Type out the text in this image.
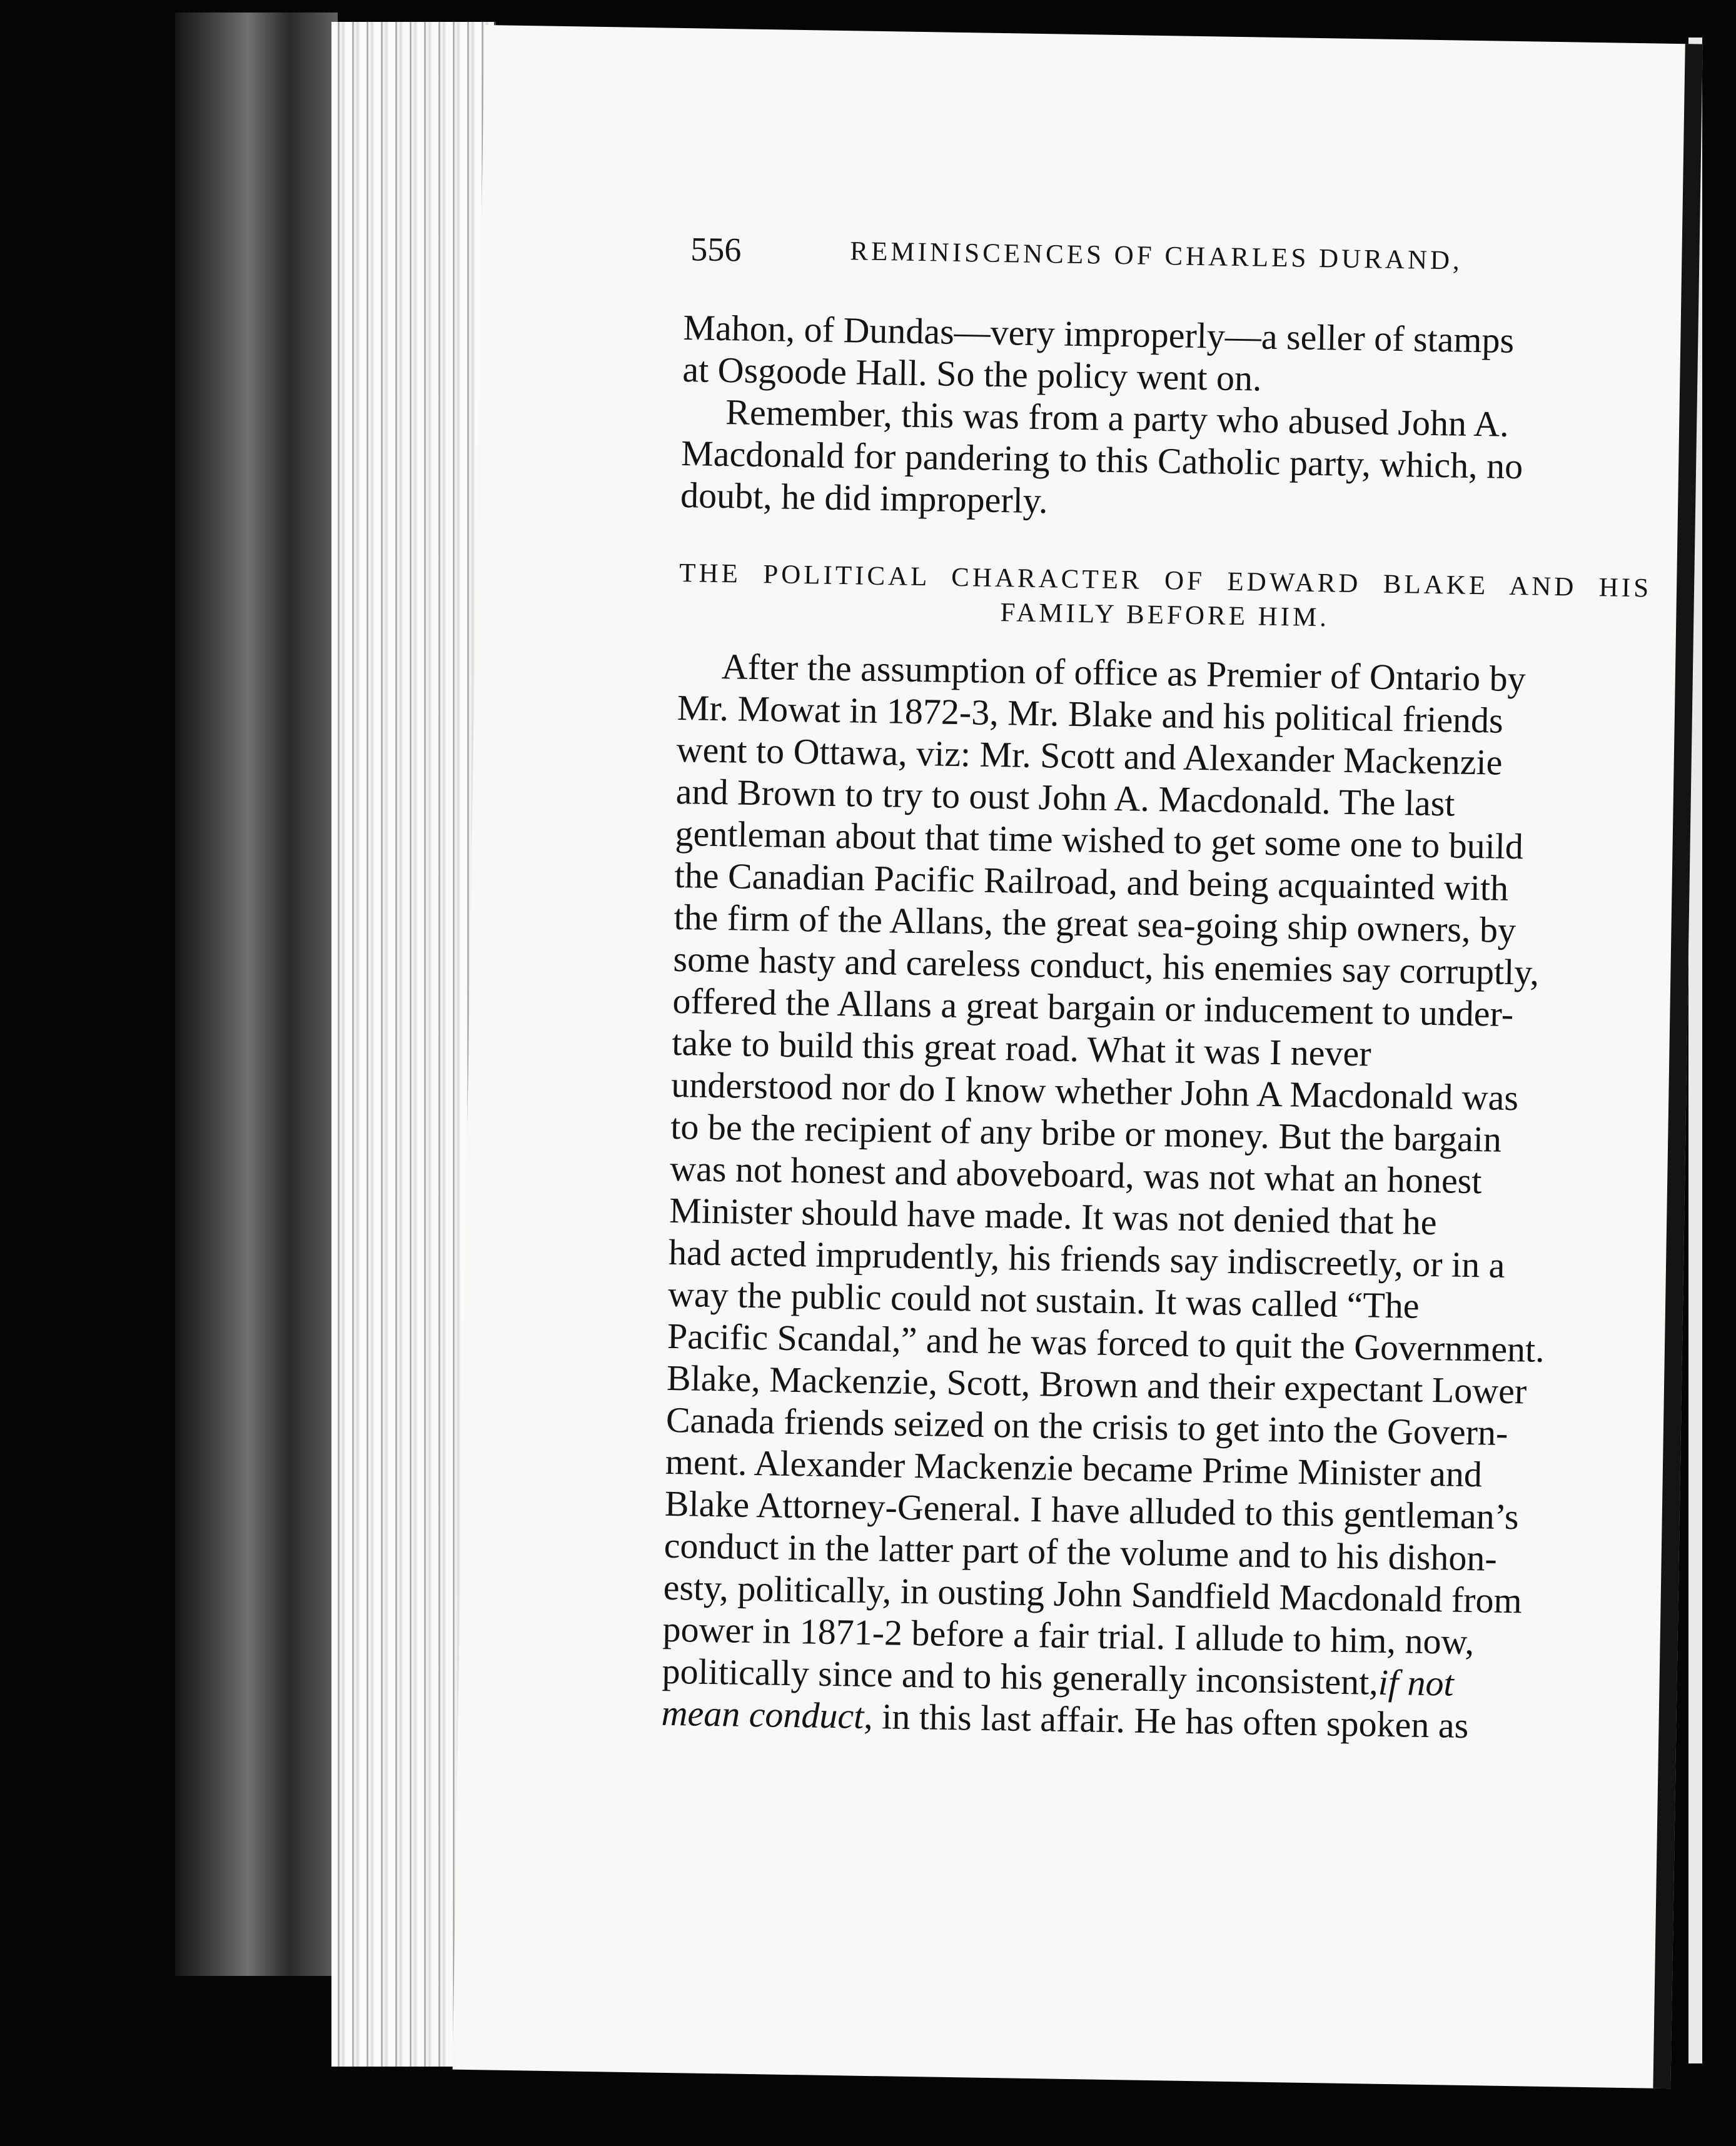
556	REMINISCENCES OF CHARLES DURAND,
Mahon, of Dundas—very improperly—a seller of stamps
at Osgoode Hall. So the policy went on.
Remember, this was from a party who abused John A.
Macdonald for pandering to this Catholic party, which, no
doubt, he did improperly.
THE POLITICAL CHARACTER OF EDWARD BLAKE AND HIS
FAMILY BEFORE HIM.
After the assumption of office as Premier of Ontario by
Mr. Mowat in 1872-3, Mr. Blake and his political friends
went to Ottawa, viz: Mr. Scott and Alexander Mackenzie
and Brown to try to oust John A. Macdonald. The last
gentleman about that time wished to get some one to build
the Canadian Pacific Railroad, and being acquainted with
the firm of the Allans, the great sea-going ship owners, by
some hasty and careless conduct, his enemies say corruptly,
offered the Allans a great bargain or inducement to under-
take to build this great road. What it was I never
understood nor do I know whether John A Macdonald was
to be the recipient of any bribe or money. But the bargain
was not honest and aboveboard, was not what an honest
Minister should have made. It was not denied that he
had acted imprudently, his friends say indiscreetly, or in a
way the public could not sustain. It was called “The
Pacific Scandal,” and he was forced to quit the Government.
Blake, Mackenzie, Scott, Brown and their expectant Lower
Canada friends seized on the crisis to get into the Govern-
ment. Alexander Mackenzie became Prime Minister and
Blake Attorney-General. I have alluded to this gentleman’s
conduct in the latter part of the volume and to his dishon-
esty, politically, in ousting John Sandfield Macdonald from
power in 1871-2 before a fair trial. I allude to him, now,
politically since and to his generally inconsistent,
if not
mean conduct
, in this last affair. He has often spoken as
